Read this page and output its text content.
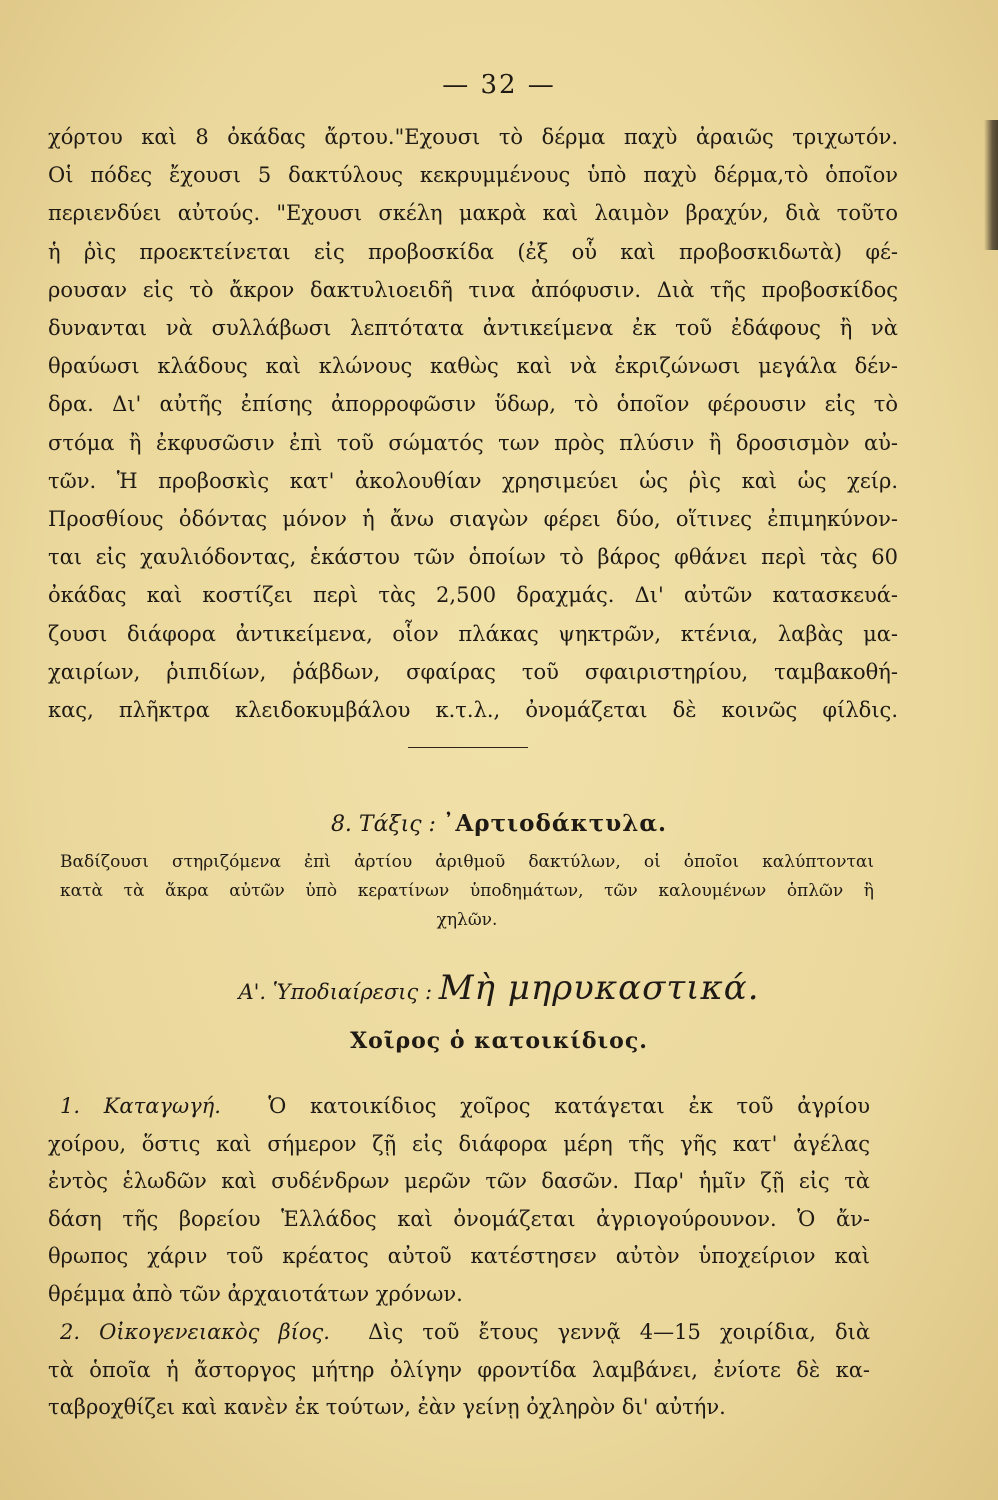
— 32 —
χόρτου καὶ 8 ὀκάδας ἄρτου."Εχουσι τὸ δέρμα παχὺ ἀραιῶς τριχωτόν.
Οἱ πόδες ἔχουσι 5 δακτύλους κεκρυμμένους ὑπὸ παχὺ δέρμα,τὸ ὁποῖον
περιενδύει αὐτούς. "Εχουσι σκέλη μακρὰ καὶ λαιμὸν βραχύν, διὰ τοῦτο
ἡ ῥὶς προεκτείνεται εἰς προβοσκίδα (ἐξ οὗ καὶ προβοσκιδωτὰ) φέ-
ρουσαν εἰς τὸ ἄκρον δακτυλιοειδῆ τινα ἀπόφυσιν. Διὰ τῆς προβοσκίδος
δυνανται νὰ συλλάβωσι λεπτότατα ἀντικείμενα ἐκ τοῦ ἐδάφους ἢ νὰ
θραύωσι κλάδους καὶ κλώνους καθὼς καὶ νὰ ἐκριζώνωσι μεγάλα δέν-
δρα. Δι' αὐτῆς ἐπίσης ἀπορροφῶσιν ὕδωρ, τὸ ὁποῖον φέρουσιν εἰς τὸ
στόμα ἢ ἐκφυσῶσιν ἐπὶ τοῦ σώματός των πρὸς πλύσιν ἢ δροσισμὸν αὐ-
τῶν. Ἡ προβοσκὶς κατ' ἀκολουθίαν χρησιμεύει ὡς ῥὶς καὶ ὡς χείρ.
Προσθίους ὀδόντας μόνον ἡ ἄνω σιαγὼν φέρει δύο, οἵτινες ἐπιμηκύνον-
ται εἰς χαυλιόδοντας, ἑκάστου τῶν ὁποίων τὸ βάρος φθάνει περὶ τὰς 60
ὀκάδας καὶ κοστίζει περὶ τὰς 2,500 δραχμάς. Δι' αὐτῶν κατασκευά-
ζουσι διάφορα ἀντικείμενα, οἷον πλάκας ψηκτρῶν, κτένια, λαβὰς μα-
χαιρίων, ῥιπιδίων, ῥάβδων, σφαίρας τοῦ σφαιριστηρίου, ταμβακοθή-
κας, πλῆκτρα κλειδοκυμβάλου κ.τ.λ., ὀνομάζεται δὲ κοινῶς φίλδις.
8. Τάξις : ᾿Αρτιοδάκτυλα.
Βαδίζουσι στηριζόμενα ἐπὶ ἀρτίου ἀριθμοῦ δακτύλων, οἱ ὁποῖοι καλύπτονται
κατὰ τὰ ἄκρα αὐτῶν ὑπὸ κερατίνων ὑποδημάτων, τῶν καλουμένων ὁπλῶν ἢ
χηλῶν.
Α'. Ὑποδιαίρεσις : Μὴ μηρυκαστικά.
Χοῖρος ὁ κατοικίδιος.
1. Καταγωγή. Ὁ κατοικίδιος χοῖρος κατάγεται ἐκ τοῦ ἀγρίου
χοίρου, ὅστις καὶ σήμερον ζῇ εἰς διάφορα μέρη τῆς γῆς κατ' ἀγέλας
ἐντὸς ἑλωδῶν καὶ συδένδρων μερῶν τῶν δασῶν. Παρ' ἡμῖν ζῇ εἰς τὰ
δάση τῆς βορείου Ἑλλάδος καὶ ὀνομάζεται ἀγριογούρουνον. Ὁ ἄν-
θρωπος χάριν τοῦ κρέατος αὐτοῦ κατέστησεν αὐτὸν ὑποχείριον καὶ
θρέμμα ἀπὸ τῶν ἀρχαιοτάτων χρόνων.
2. Οἰκογενειακὸς βίος. Δὶς τοῦ ἔτους γεννᾷ 4—15 χοιρίδια, διὰ
τὰ ὁποῖα ἡ ἄστοργος μήτηρ ὀλίγην φροντίδα λαμβάνει, ἐνίοτε δὲ κα-
ταβροχθίζει καὶ κανὲν ἐκ τούτων, ἐὰν γείνῃ ὀχληρὸν δι' αὐτήν.
